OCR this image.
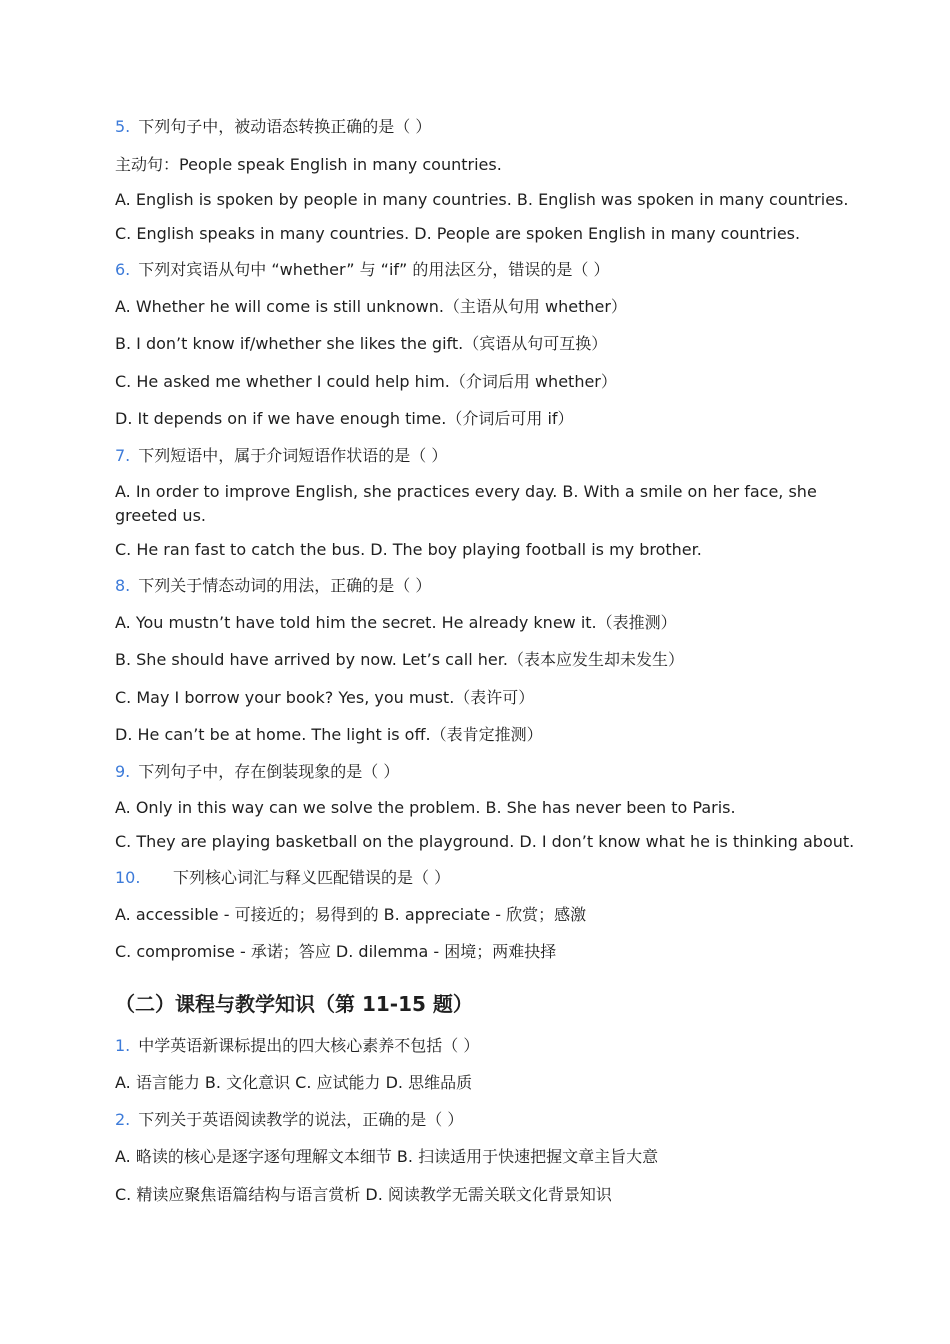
5. 下列句子中，被动语态转换正确的是（ ）
主动句：People speak English in many countries.
A. English is spoken by people in many countries. B. English was spoken in many countries.
C. English speaks in many countries. D. People are spoken English in many countries.
6. 下列对宾语从句中 “whether” 与 “if” 的用法区分，错误的是（ ）
A. Whether he will come is still unknown.（主语从句用 whether）
B. I don’t know if/whether she likes the gift.（宾语从句可互换）
C. He asked me whether I could help him.（介词后用 whether）
D. It depends on if we have enough time.（介词后可用 if）
7. 下列短语中，属于介词短语作状语的是（ ）
A. In order to improve English, she practices every day. B. With a smile on her face, she greeted us.
C. He ran fast to catch the bus. D. The boy playing football is my brother.
8. 下列关于情态动词的用法，正确的是（ ）
A. You mustn’t have told him the secret. He already knew it.（表推测）
B. She should have arrived by now. Let’s call her.（表本应发生却未发生）
C. May I borrow your book? Yes, you must.（表许可）
D. He can’t be at home. The light is off.（表肯定推测）
9. 下列句子中，存在倒装现象的是（ ）
A. Only in this way can we solve the problem. B. She has never been to Paris.
C. They are playing basketball on the playground. D. I don’t know what he is thinking about.
10. 下列核心词汇与释义匹配错误的是（ ）
A. accessible - 可接近的；易得到的 B. appreciate - 欣赏；感激
C. compromise - 承诺；答应 D. dilemma - 困境；两难抉择
（二）课程与教学知识（第 11-15 题）
1. 中学英语新课标提出的四大核心素养不包括（ ）
A. 语言能力 B. 文化意识 C. 应试能力 D. 思维品质
2. 下列关于英语阅读教学的说法，正确的是（ ）
A. 略读的核心是逐字逐句理解文本细节 B. 扫读适用于快速把握文章主旨大意
C. 精读应聚焦语篇结构与语言赏析 D. 阅读教学无需关联文化背景知识
